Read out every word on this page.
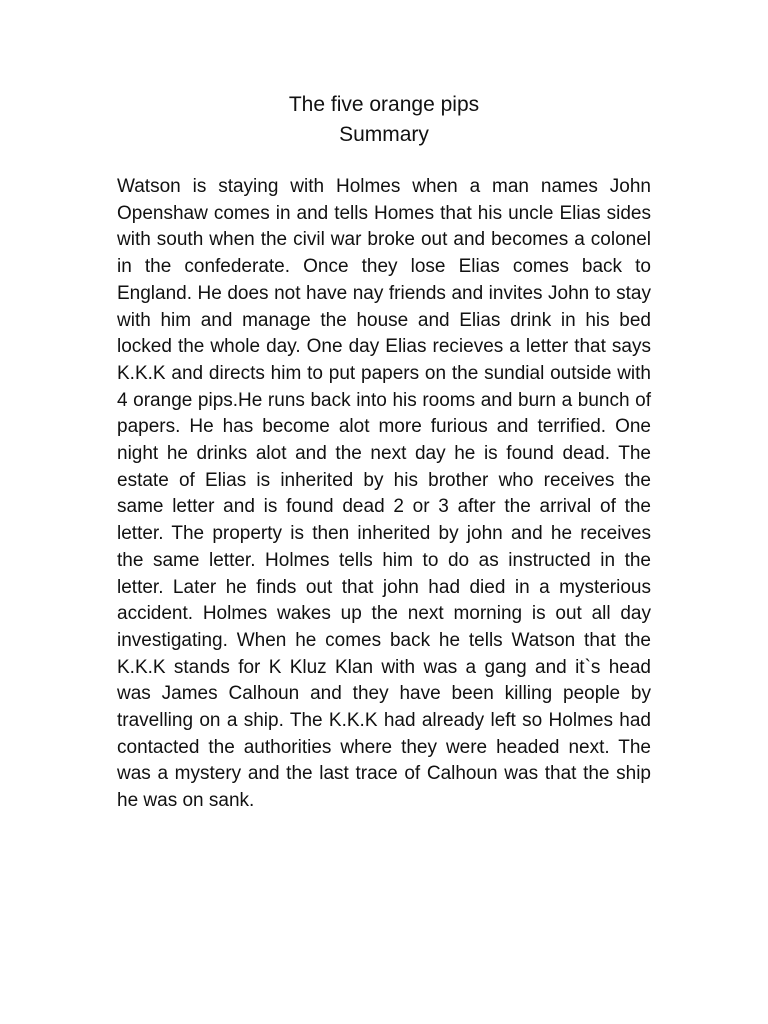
The five orange pips
Summary

Watson is staying with Holmes when a man names John Openshaw comes in and tells Homes that his uncle Elias sides with south when the civil war broke out and becomes a colonel in the confederate. Once they lose Elias comes back to England. He does not have nay friends and invites John to stay with him and manage the house and Elias drink in his bed locked the whole day. One day Elias recieves a letter that says K.K.K and directs him to put papers on the sundial outside with 4 orange pips.He runs back into his rooms and burn a bunch of papers. He has become alot more furious and terrified. One night he drinks alot and the next day he is found dead. The estate of Elias is inherited by his brother who receives the same letter and is found dead 2 or 3 after the arrival of the letter. The property is then inherited by john and he receives the same letter. Holmes tells him to do as instructed in the letter. Later he finds out that john had died in a mysterious accident. Holmes wakes up the next morning is out all day investigating. When he comes back he tells Watson that the K.K.K stands for K Kluz Klan with was a gang and it`s head was James Calhoun and they have been killing people by travelling on a ship. The K.K.K had already left so Holmes had contacted the authorities where they were headed next. The was a mystery and the last trace of Calhoun was that the ship he was on sank.
